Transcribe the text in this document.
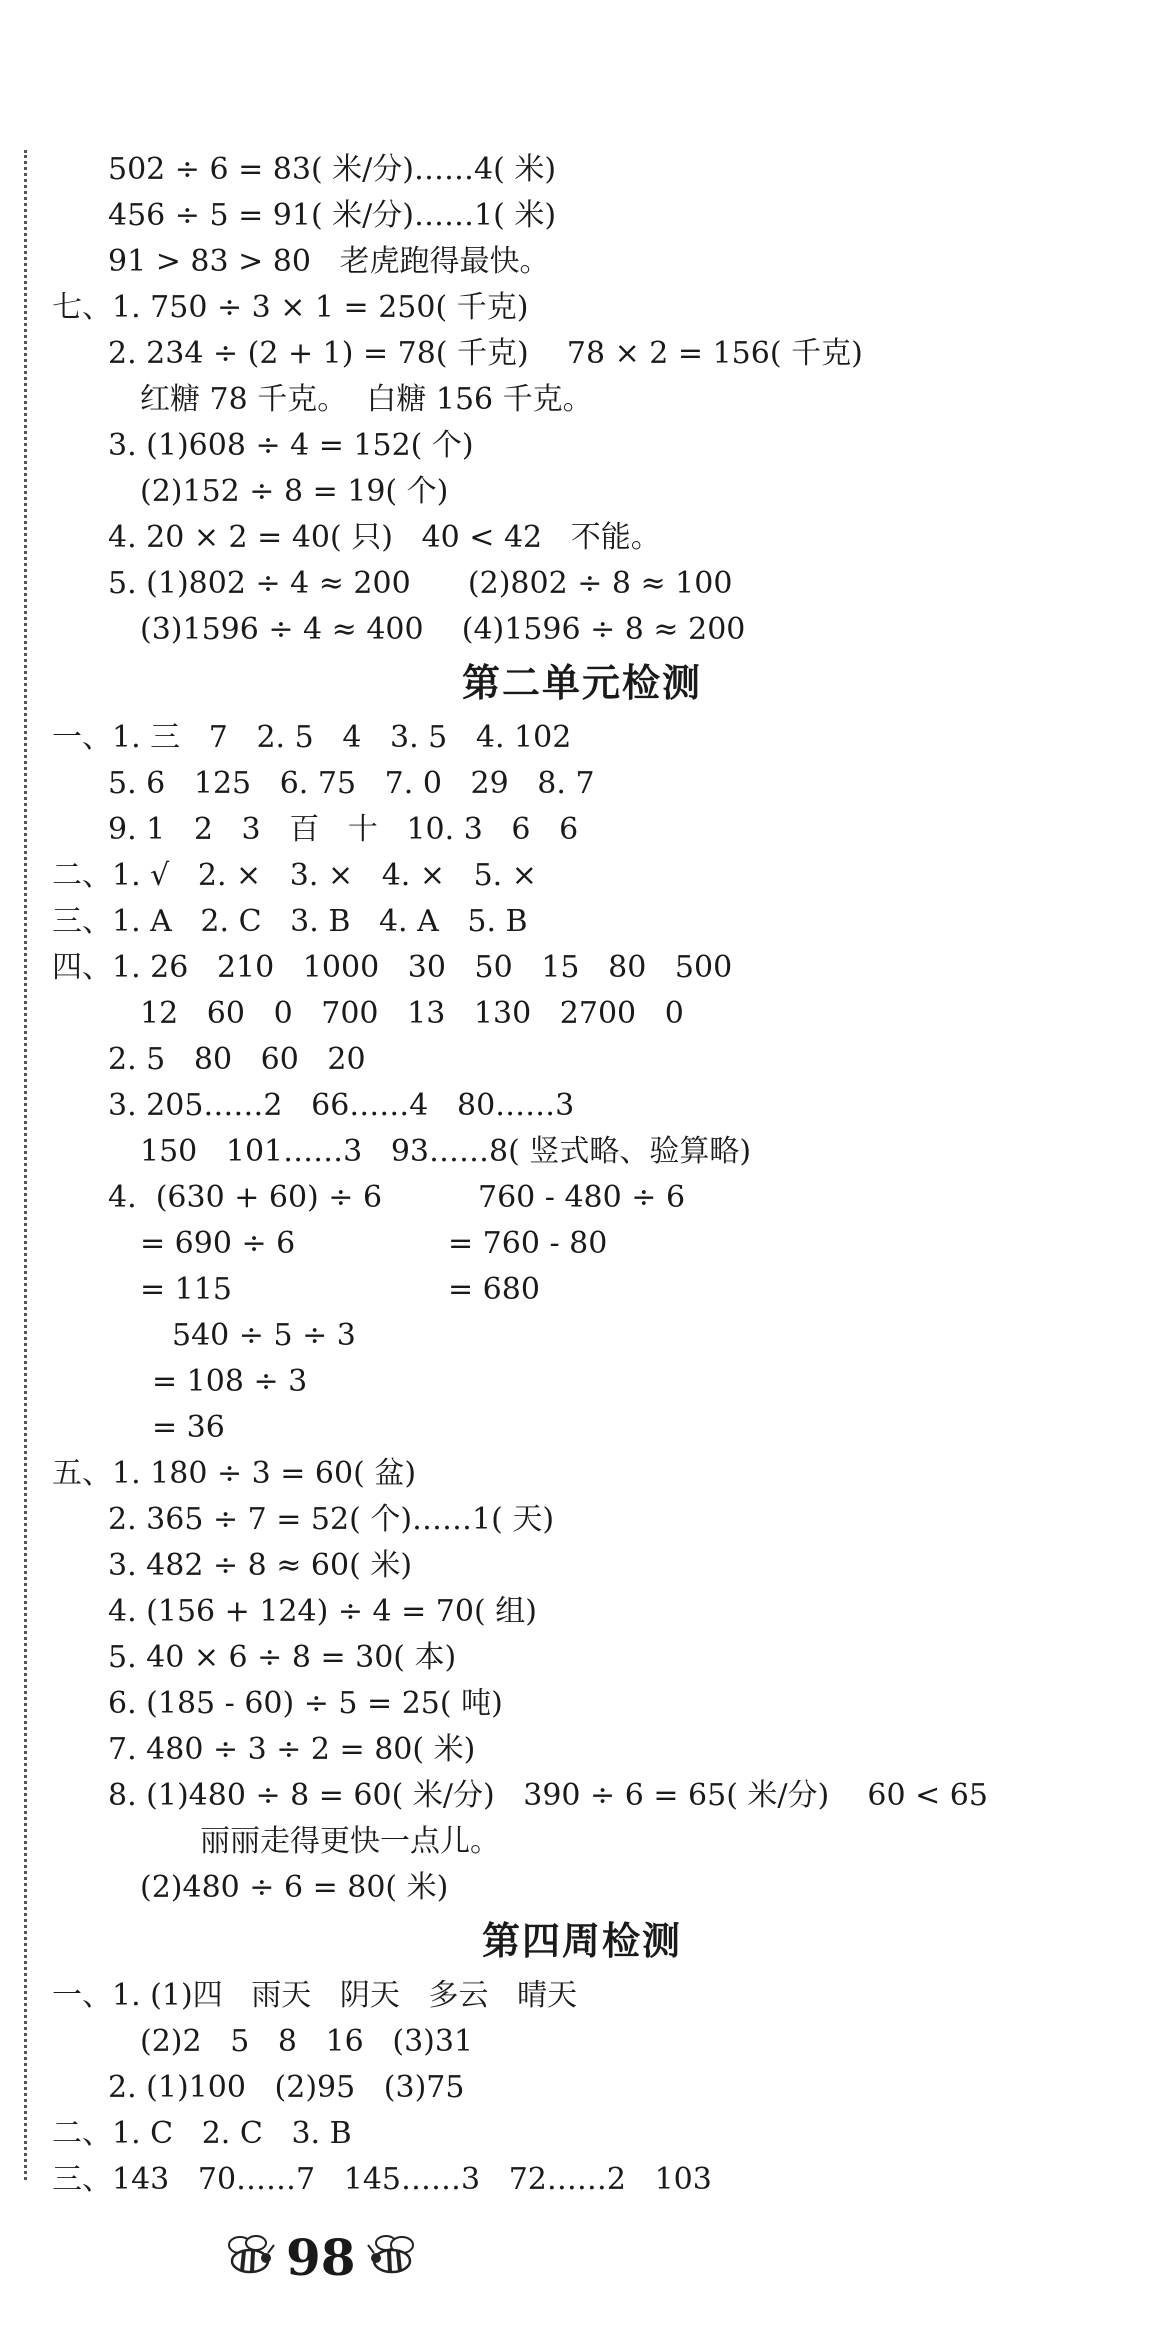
502 ÷ 6 = 83( 米/分)……4( 米)
456 ÷ 5 = 91( 米/分)……1( 米)
91 > 83 > 80   老虎跑得最快。
七、1. 750 ÷ 3 × 1 = 250( 千克)
2. 234 ÷ (2 + 1) = 78( 千克)    78 × 2 = 156( 千克)
红糖 78 千克。  白糖 156 千克。
3. (1)608 ÷ 4 = 152( 个)
(2)152 ÷ 8 = 19( 个)
4. 20 × 2 = 40( 只)   40 < 42   不能。
5. (1)802 ÷ 4 ≈ 200      (2)802 ÷ 8 ≈ 100
(3)1596 ÷ 4 ≈ 400    (4)1596 ÷ 8 ≈ 200
第二单元检测
一、1. 三   7   2. 5   4   3. 5   4. 102
5. 6   125   6. 75   7. 0   29   8. 7
9. 1   2   3   百   十   10. 3   6   6
二、1. √   2. ×   3. ×   4. ×   5. ×
三、1. A   2. C   3. B   4. A   5. B
四、1. 26   210   1000   30   50   15   80   500
12   60   0   700   13   130   2700   0
2. 5   80   60   20
3. 205……2   66……4   80……3
150   101……3   93……8( 竖式略、验算略)
4.  (630 + 60) ÷ 6	760 - 480 ÷ 6
= 690 ÷ 6	= 760 - 80
= 115	= 680
540 ÷ 5 ÷ 3
= 108 ÷ 3
= 36
五、1. 180 ÷ 3 = 60( 盆)
2. 365 ÷ 7 = 52( 个)……1( 天)
3. 482 ÷ 8 ≈ 60( 米)
4. (156 + 124) ÷ 4 = 70( 组)
5. 40 × 6 ÷ 8 = 30( 本)
6. (185 - 60) ÷ 5 = 25( 吨)
7. 480 ÷ 3 ÷ 2 = 80( 米)
8. (1)480 ÷ 8 = 60( 米/分)   390 ÷ 6 = 65( 米/分)    60 < 65
丽丽走得更快一点儿。
(2)480 ÷ 6 = 80( 米)
第四周检测
一、1. (1)四   雨天   阴天   多云   晴天
(2)2   5   8   16   (3)31
2. (1)100   (2)95   (3)75
二、1. C   2. C   3. B
三、143   70……7   145……3   72……2   103
98
